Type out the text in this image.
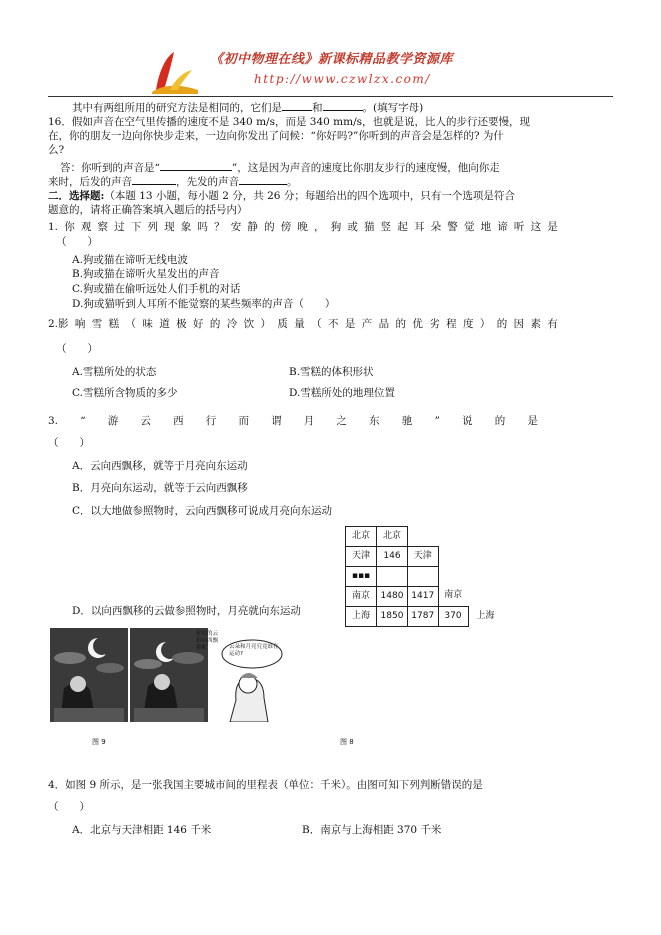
《初中物理在线》新课标精品教学资源库
http://www.czwlzx.com/
其中有两组所用的研究方法是相同的，它们是	和	。(填写字母)
16．假如声音在空气里传播的速度不是 340 m/s，而是 340 mm/s，也就是说，比人的步行还要慢，现
在，你的朋友一边向你快步走来，一边向你发出了问候：“你好吗?”你听到的声音会是怎样的? 为什
么?
答：你听到的声音是“	”，这是因为声音的速度比你朋友步行的速度慢，他向你走
来时，后发的声音	，先发的声音	。
二．选择题:（本题 13 小题，每小题 2 分，共 26 分；每题给出的四个选项中，只有一个选项是符合
题意的，请将正确答案填入题后的括号内）
1. 你 观 察 过 下 列 现 象 吗 ？ 安 静 的 傍 晚 ， 狗 或 猫 竖 起 耳 朵 警 觉 地 谛 听 这 是
（　　）
A.狗或猫在谛听无线电波
B.狗或猫在谛听火星发出的声音
C.狗或猫在偷听远处人们手机的对话
D.狗或猫听到人耳所不能觉察的某些频率的声音（　　）
2.影 响 雪 糕 （ 味 道 极 好 的 冷 饮 ） 质 量 （ 不 是 产 品 的 优 劣 程 度 ） 的 因 素 有
（　　）
A.雪糕所处的状态	B.雪糕的体积形状
C.雪糕所含物质的多少	D.雪糕所处的地理位置
3. “ 游 云 西 行 而 谓 月 之 东 驰 ” 说 的 是
（　　）
A．云向西飘移，就等于月亮向东运动
B．月亮向东运动，就等于云向西飘移
C．以大地做参照物时，云向西飘移可说成月亮向东运动
D．以向西飘移的云做参照物时，月亮就向东运动
北京	北京			
天津	146	天津		
▪▪▪				
南京	1480	1417	南京	
上海	1850	1787	370	上海
你说的云彩向西飘移呢	云朵和月亮究竟谁在运动?
图 9	图 8
4．如图 9 所示，是一张我国主要城市间的里程表（单位：千米）。由图可知下列判断错误的是
（　　）
A．北京与天津相距 146 千米	B．南京与上海相距 370 千米
